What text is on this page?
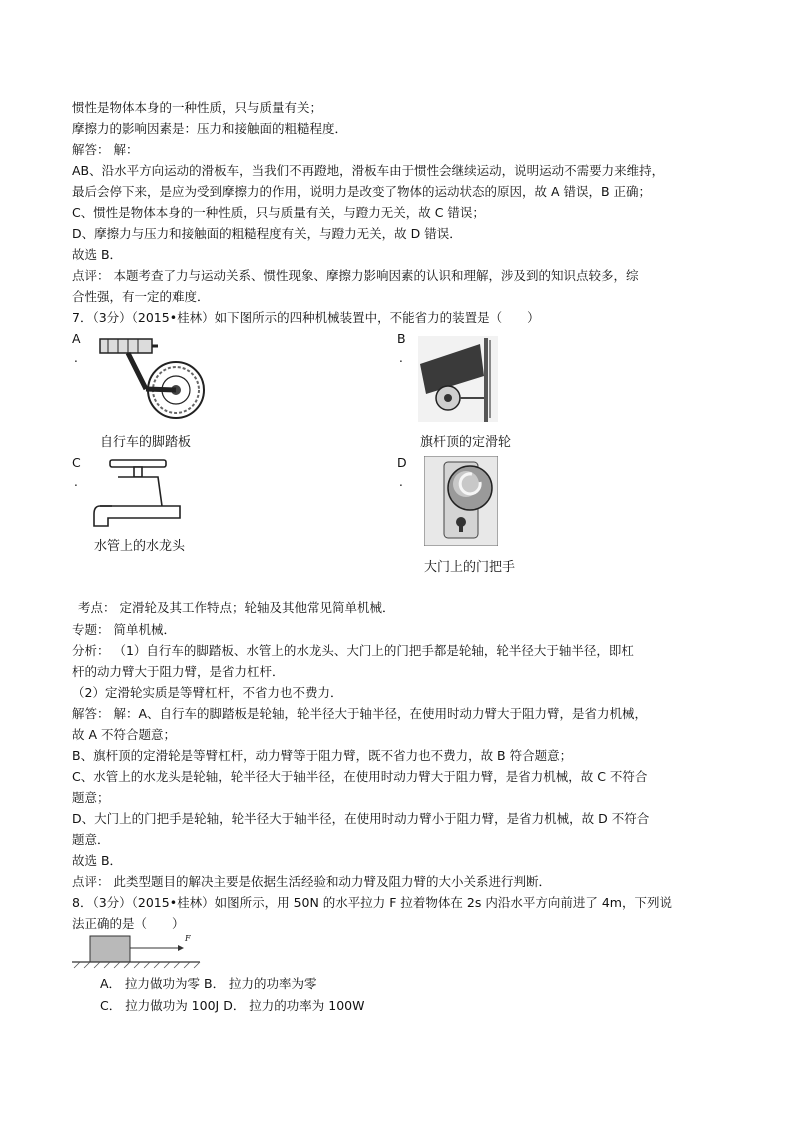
惯性是物体本身的一种性质，只与质量有关；
摩擦力的影响因素是：压力和接触面的粗糙程度．
解答： 解：
AB、沿水平方向运动的滑板车，当我们不再蹬地，滑板车由于惯性会继续运动，说明运动不需要力来维持，
最后会停下来，是应为受到摩擦力的作用，说明力是改变了物体的运动状态的原因，故 A 错误，B 正确；
C、惯性是物体本身的一种性质，只与质量有关，与蹬力无关，故 C 错误；
D、摩擦力与压力和接触面的粗糙程度有关，与蹬力无关，故 D 错误．
故选 B．
点评： 本题考查了力与运动关系、惯性现象、摩擦力影响因素的认识和理解，涉及到的知识点较多，综
合性强，有一定的难度．
7．（3分）（2015•桂林）如下图所示的四种机械装置中，不能省力的装置是（　　）
A
.
自行车的脚踏板
B
.
旗杆顶的定滑轮
C
.
水管上的水龙头
D
.
大门上的门把手
考点： 定滑轮及其工作特点；轮轴及其他常见简单机械．
专题： 简单机械．
分析： （1）自行车的脚踏板、水管上的水龙头、大门上的门把手都是轮轴，轮半径大于轴半径，即杠
杆的动力臂大于阻力臂，是省力杠杆．
（2）定滑轮实质是等臂杠杆，不省力也不费力．
解答： 解：A、自行车的脚踏板是轮轴，轮半径大于轴半径，在使用时动力臂大于阻力臂，是省力机械，
故 A 不符合题意；
B、旗杆顶的定滑轮是等臂杠杆，动力臂等于阻力臂，既不省力也不费力，故 B 符合题意；
C、水管上的水龙头是轮轴，轮半径大于轴半径，在使用时动力臂大于阻力臂，是省力机械，故 C 不符合
题意；
D、大门上的门把手是轮轴，轮半径大于轴半径，在使用时动力臂小于阻力臂，是省力机械，故 D 不符合
题意．
故选 B．
点评： 此类型题目的解决主要是依据生活经验和动力臂及阻力臂的大小关系进行判断．
8．（3分）（2015•桂林）如图所示，用 50N 的水平拉力 F 拉着物体在 2s 内沿水平方向前进了 4m，下列说
法正确的是（　　）
F
A． 拉力做功为零 B． 拉力的功率为零
C． 拉力做功为 100J D． 拉力的功率为 100W
